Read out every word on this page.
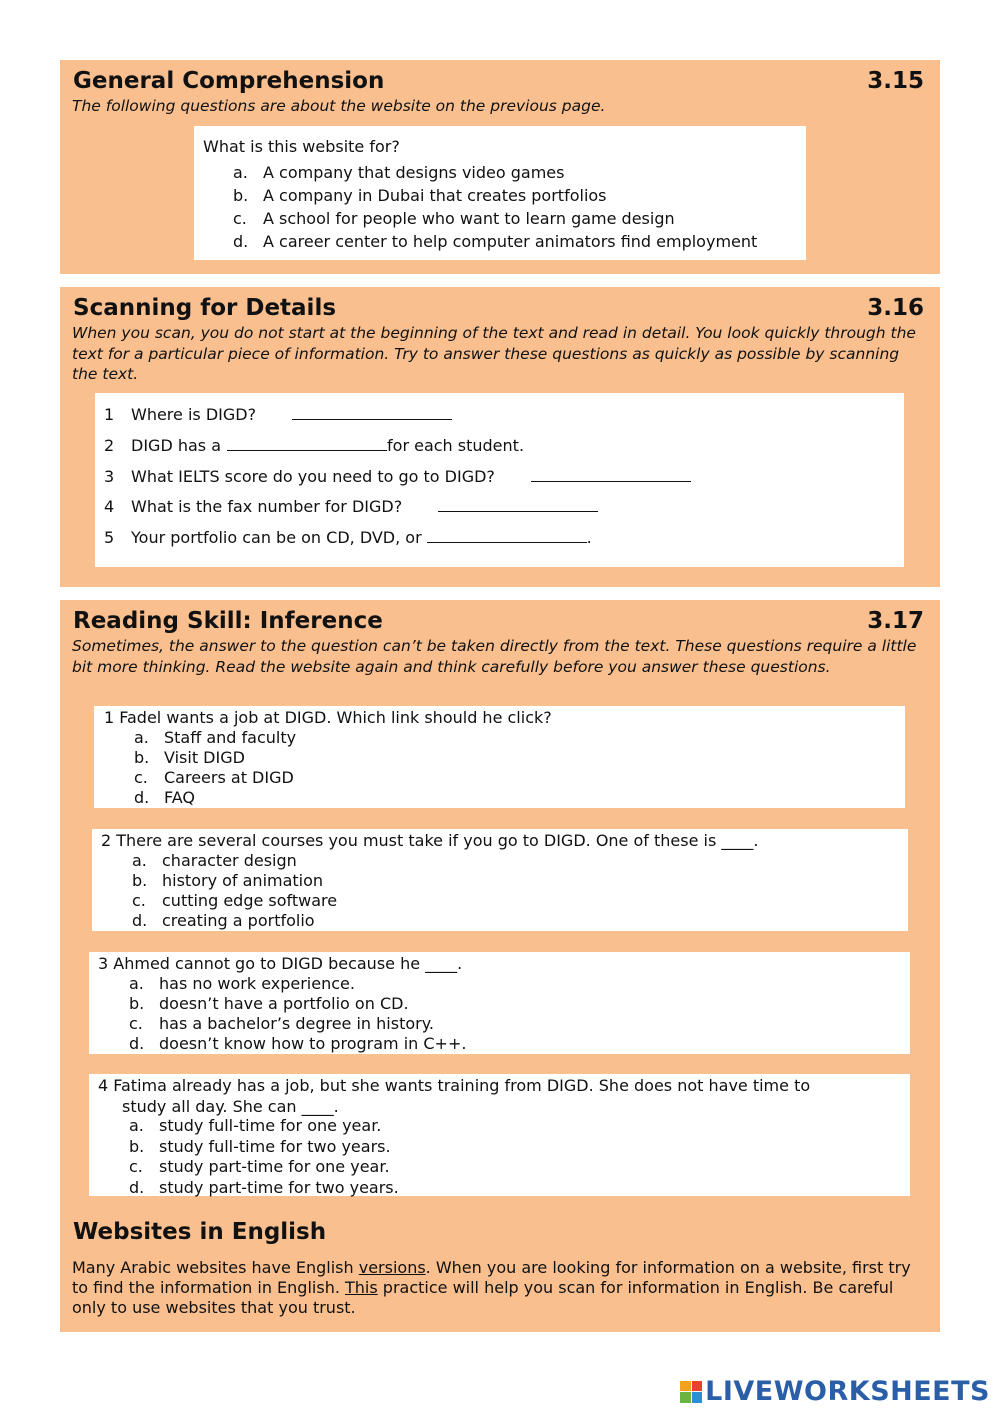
General Comprehension	3.15
The following questions are about the website on the previous page.
What is this website for?
a. A company that designs video games
b. A company in Dubai that creates portfolios
c. A school for people who want to learn game design
d. A career center to help computer animators find employment
Scanning for Details	3.16
When you scan, you do not start at the beginning of the text and read in detail. You look quickly through the text for a particular piece of information. Try to answer these questions as quickly as possible by scanning the text.
1 Where is DIGD?
2 DIGD has a	for each student.
3 What IELTS score do you need to go to DIGD?
4 What is the fax number for DIGD?
5 Your portfolio can be on CD, DVD, or	.
Reading Skill: Inference	3.17
Sometimes, the answer to the question can’t be taken directly from the text. These questions require a little bit more thinking. Read the website again and think carefully before you answer these questions.
1 Fadel wants a job at DIGD. Which link should he click?
a. Staff and faculty
b. Visit DIGD
c. Careers at DIGD
d. FAQ
2 There are several courses you must take if you go to DIGD. One of these is ____.
a. character design
b. history of animation
c. cutting edge software
d. creating a portfolio
3 Ahmed cannot go to DIGD because he ____.
a. has no work experience.
b. doesn’t have a portfolio on CD.
c. has a bachelor’s degree in history.
d. doesn’t know how to program in C++.
4 Fatima already has a job, but she wants training from DIGD. She does not have time to
study all day. She can ____.
a. study full-time for one year.
b. study full-time for two years.
c. study part-time for one year.
d. study part-time for two years.
Websites in English
Many Arabic websites have English versions. When you are looking for information on a website, first try to find the information in English. This practice will help you scan for information in English. Be careful only to use websites that you trust.
LIVEWORKSHEETS
